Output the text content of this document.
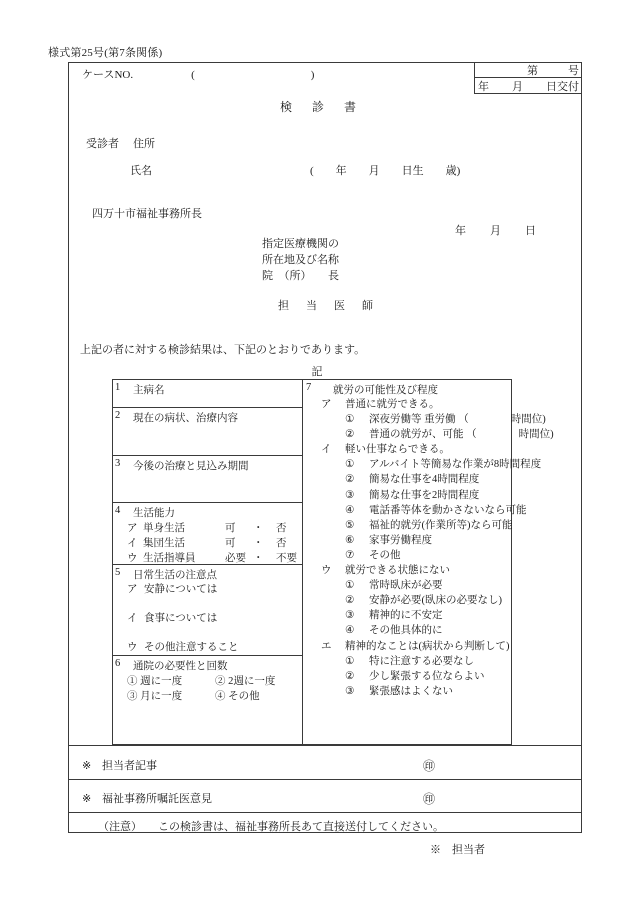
様式第25号(第7条関係)
ケースNO.	(	)	第	号
年 月 日交付
検　診　書
受診者 住所
氏名	( 年 月 日生 歳)
四万十市福祉事務所長
年 月 日
指定医療機関の
所在地及び名称
院　（所）　　長
担　当　医　師
上記の者に対する検診結果は、下記のとおりであります。
記
1 主病名
2 現在の病状、治療内容
3 今後の治療と見込み期間
4 生活能力
ア 単身生活	可 ・ 否
イ 集団生活	可 ・ 否
ウ 生活指導員	必要 ・ 不要
5 日常生活の注意点
ア 安静については
イ 食事については
ウ その他注意すること
6 通院の必要性と回数
① 週に一度	② 2週に一度
③ 月に一度	④ その他
7 就労の可能性及び程度
ア 普通に就労できる。
① 深夜労働等 重労働 （　　　　時間位)
② 普通の就労が、可能 （　　　　時間位)
イ 軽い仕事ならできる。
① アルバイト等簡易な作業が8時間程度
② 簡易な仕事を4時間程度
③ 簡易な仕事を2時間程度
④ 電話番等体を動かさないなら可能
⑤ 福祉的就労(作業所等)なら可能
⑥ 家事労働程度
⑦ その他
ウ 就労できる状態にない
① 常時臥床が必要
② 安静が必要(臥床の必要なし)
③ 精神的に不安定
④ その他具体的に
エ 精神的なことは(病状から判断して)
① 特に注意する必要なし
② 少し緊張する位ならよい
③ 緊張感はよくない
※ 担当者記事	㊞
※ 福祉事務所嘱託医意見	㊞
（注意） この検診書は、福祉事務所長あて直接送付してください。
※　担当者
